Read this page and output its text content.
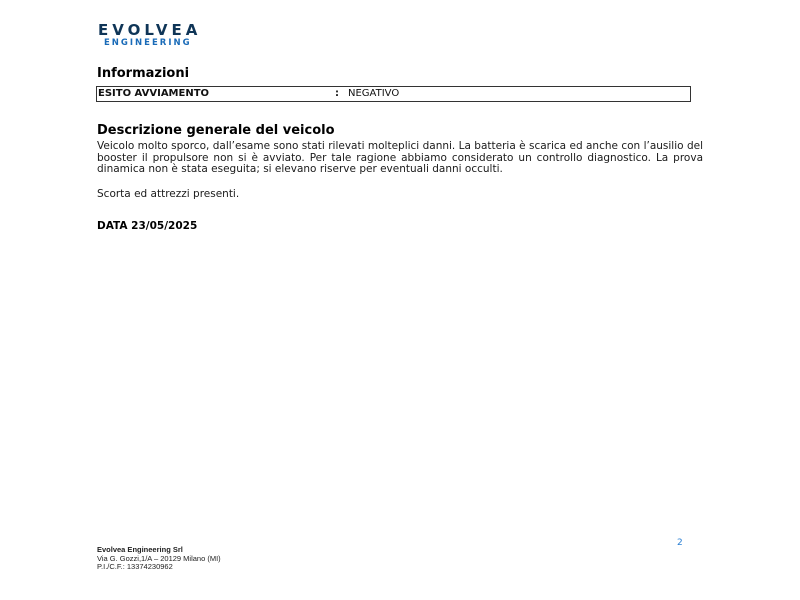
EVOLVEA
ENGINEERING
Informazioni
ESITO AVVIAMENTO	: NEGATIVO
Descrizione generale del veicolo

Veicolo molto sporco, dall’esame sono stati rilevati molteplici danni. La batteria è scarica ed anche con l’ausilio del booster il propulsore non si è avviato. Per tale ragione abbiamo considerato un controllo diagnostico. La prova dinamica non è stata eseguita; si elevano riserve per eventuali danni occulti.

Scorta ed attrezzi presenti.

DATA 23/05/2025

2
Evolvea Engineering Srl
Via G. Gozzi,1/A – 20129 Milano (MI)
P.I./C.F.: 13374230962
